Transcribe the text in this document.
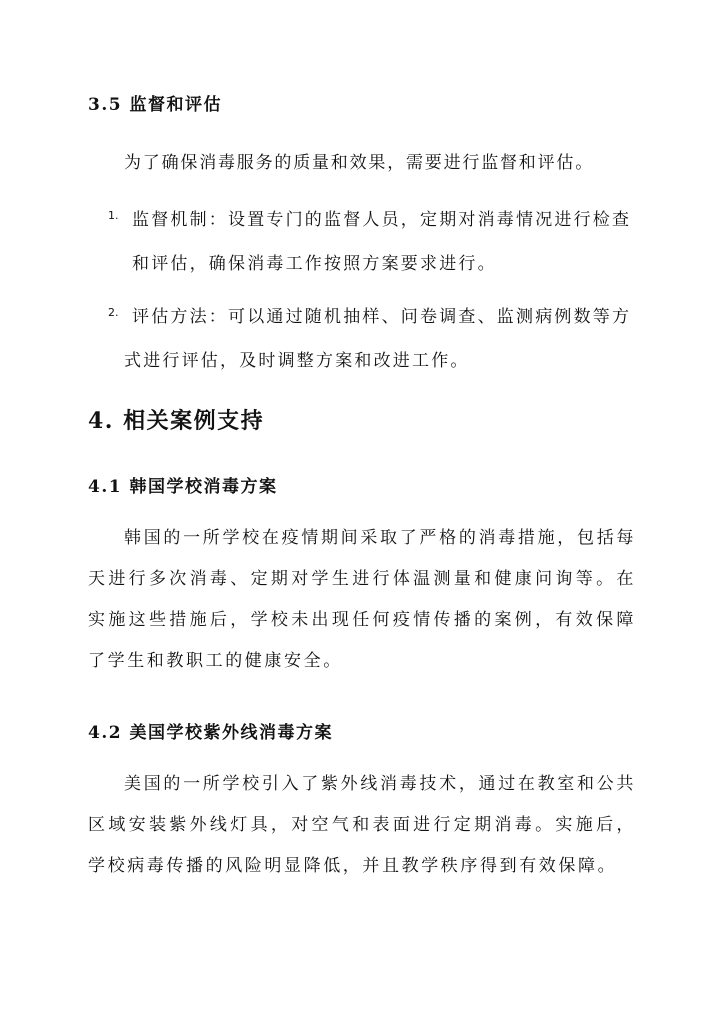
3.5 监督和评估
为了确保消毒服务的质量和效果，需要进行监督和评估。
1. 监督机制：设置专门的监督人员，定期对消毒情况进行检查
和评估，确保消毒工作按照方案要求进行。
2. 评估方法：可以通过随机抽样、问卷调查、监测病例数等方
式进行评估，及时调整方案和改进工作。
4. 相关案例支持
4.1 韩国学校消毒方案

韩国的一所学校在疫情期间采取了严格的消毒措施，包括每天进行多次消毒、定期对学生进行体温测量和健康问询等。在实施这些措施后，学校未出现任何疫情传播的案例，有效保障了学生和教职工的健康安全。

4.2 美国学校紫外线消毒方案

美国的一所学校引入了紫外线消毒技术，通过在教室和公共区域安装紫外线灯具，对空气和表面进行定期消毒。实施后，学校病毒传播的风险明显降低，并且教学秩序得到有效保障。
